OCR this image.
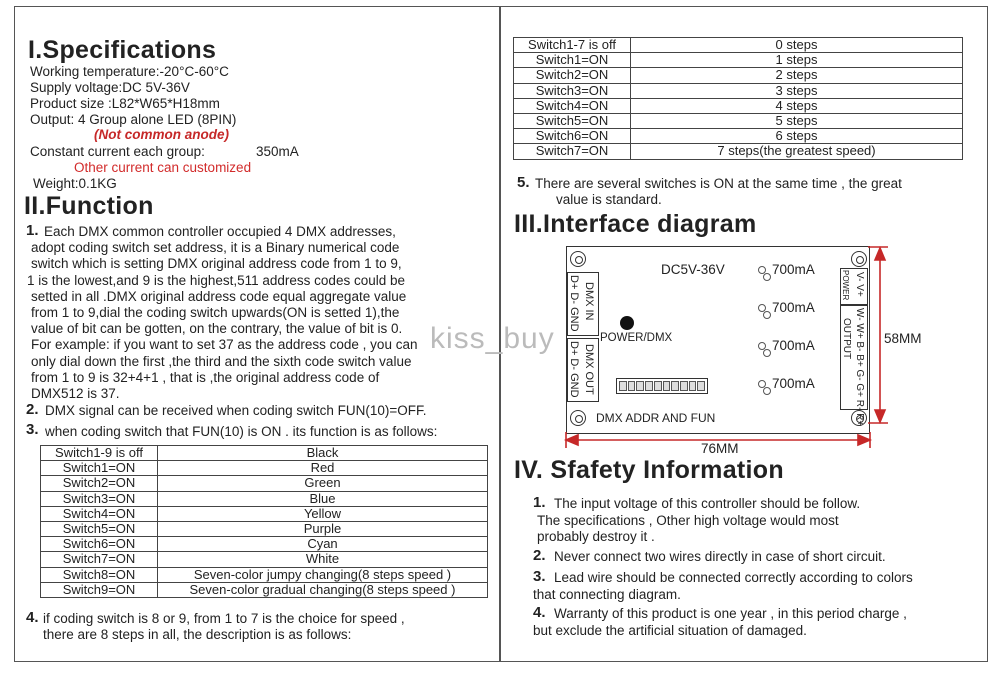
I.Specifications
Working temperature:-20°C-60°C
Supply voltage:DC 5V-36V
Product size :L82*W65*H18mm
Output: 4 Group alone LED (8PIN)
(Not common anode)
Constant current each group:	350mA
Other current can customized
Weight:0.1KG
II.Function
1. Each DMX common controller occupied 4 DMX addresses,
adopt coding switch set address, it is a Binary numerical code
switch which is setting DMX original address code from 1 to 9,
1 is the lowest,and 9 is the highest,511 address codes could be
setted in all .DMX original address code equal aggregate value
from 1 to 9,dial the coding switch upwards(ON is setted 1),the
value of bit can be gotten, on the contrary, the value of bit is 0.
For example: if you want to set 37 as the address code , you can
only dial down the first ,the third and the sixth code switch value
from 1 to 9 is 32+4+1 , that is ,the original address code of
DMX512 is 37.
2. DMX signal can be received when coding switch FUN(10)=OFF.
3. when coding switch that FUN(10) is ON . its function is as follows:
Switch1-9 is off	Black
Switch1=ON	Red
Switch2=ON	Green
Switch3=ON	Blue
Switch4=ON	Yellow
Switch5=ON	Purple
Switch6=ON	Cyan
Switch7=ON	White
Switch8=ON	Seven-color jumpy changing(8 steps speed )
Switch9=ON	Seven-color gradual changing(8 steps speed )
4. if coding switch is 8 or 9, from 1 to 7 is the choice for speed ,
there are 8 steps in all, the description is as follows:
Switch1-7 is off	0 steps
Switch1=ON	1 steps
Switch2=ON	2 steps
Switch3=ON	3 steps
Switch4=ON	4 steps
Switch5=ON	5 steps
Switch6=ON	6 steps
Switch7=ON	7 steps(the greatest speed)
5. There are several switches is ON at the same time , the great
value is standard.
III.Interface diagram
DC5V-36V
DMX IN
D+ D- GND
DMX OUT
D+ D- GND
POWER/DMX
DMX ADDR AND FUN
700mA
700mA
700mA
700mA
POWER V- V+
OUTPUT W- W+ B- B+ G- G+ R- R+
kiss_buy	58MM
76MM
IV. Sfafety Information
1. The input voltage of this controller should be follow.
The specifications , Other high voltage would most
probably destroy it .
2. Never connect two wires directly in case of short circuit.
3. Lead wire should be connected correctly according to colors
that connecting diagram.
4. Warranty of this product is one year , in this period charge ,
but exclude the artificial situation of damaged.
